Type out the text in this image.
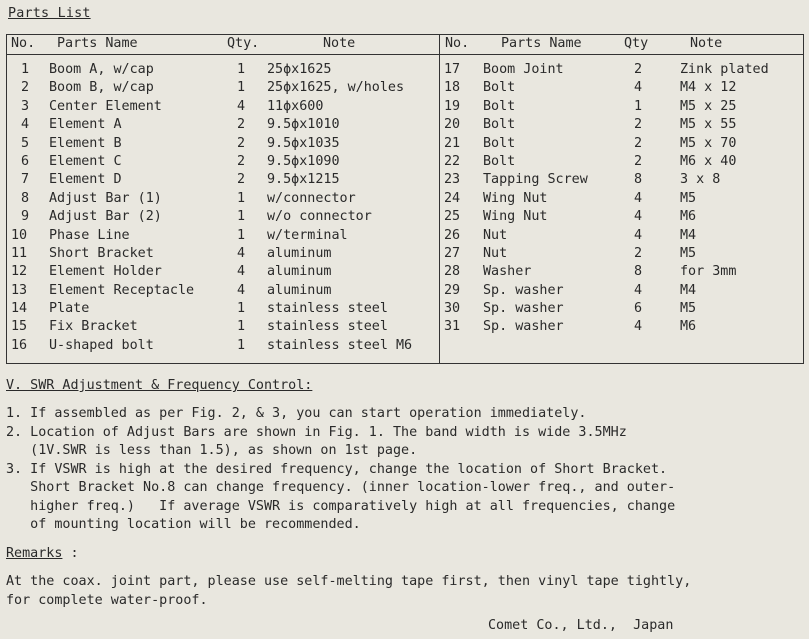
Parts List
No. Parts Name	Qty.	Note
1 Boom A, w/cap	1 25ϕx1625
2 Boom B, w/cap	1 25ϕx1625, w/holes
3 Center Element	4 11ϕx600
4 Element A	2 9.5ϕx1010
5 Element B	2 9.5ϕx1035
6 Element C	2 9.5ϕx1090
7 Element D	2 9.5ϕx1215
8 Adjust Bar (1)	1 w/connector
9 Adjust Bar (2)	1 w/o connector
10 Phase Line	1 w/terminal
11 Short Bracket	4 aluminum
12 Element Holder	4 aluminum
13 Element Receptacle	4 aluminum
14 Plate	1 stainless steel
15 Fix Bracket	1 stainless steel
16 U-shaped bolt	1 stainless steel M6
No. Parts Name	Qty	Note
17 Boom Joint	2	Zink plated
18 Bolt	4	M4 x 12
19 Bolt	1	M5 x 25
20 Bolt	2	M5 x 55
21 Bolt	2	M5 x 70
22 Bolt	2	M6 x 40
23 Tapping Screw	8	3 x 8
24 Wing Nut	4	M5
25 Wing Nut	4	M6
26 Nut	4	M4
27 Nut	2	M5
28 Washer	8	for 3mm
29 Sp. washer	4	M4
30 Sp. washer	6	M5
31 Sp. washer	4	M6
V. SWR Adjustment & Frequency Control:
1. If assembled as per Fig. 2, & 3, you can start operation immediately.
2. Location of Adjust Bars are shown in Fig. 1. The band width is wide 3.5MHz
(1V.SWR is less than 1.5), as shown on 1st page.
3. If VSWR is high at the desired frequency, change the location of Short Bracket.
Short Bracket No.8 can change frequency. (inner location-lower freq., and outer-
higher freq.)   If average VSWR is comparatively high at all frequencies, change
of mounting location will be recommended.
Remarks :
At the coax. joint part, please use self-melting tape first, then vinyl tape tightly,
for complete water-proof.
Comet Co., Ltd.,  Japan
